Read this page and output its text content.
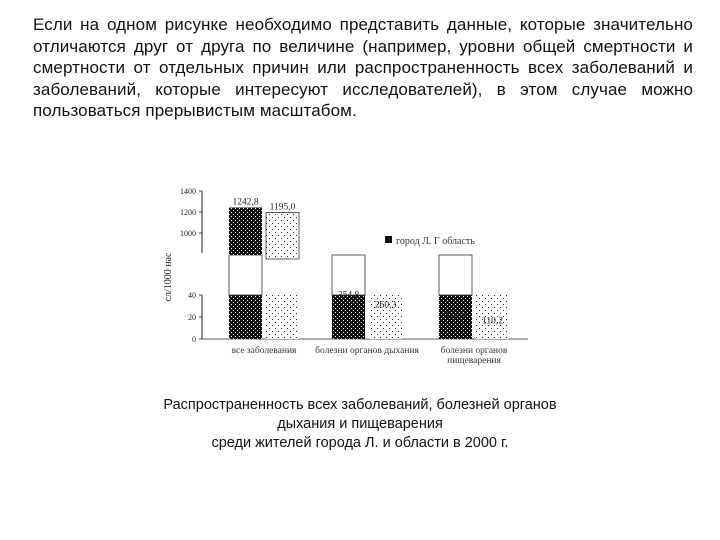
Если на одном рисунке необходимо представить данные, которые значительно отличаются друг от друга по величине (например, уровни общей смертности и смертности от отдельных причин или распространенность всех заболеваний и заболеваний, которые интересуют исследователей), в этом случае можно пользоваться прерывистым масштабом.
сл/1000 нас
0
20
40
1000
1200
1400
1242,8
1195,0
354,8
260,3
173,6
110,2
все заболевания болезни органов дыхания болезни органов
пищеварения
город Л. Г область
Распространенность всех заболеваний, болезней органов
дыхания и пищеварения
среди жителей города Л. и области в 2000 г.
